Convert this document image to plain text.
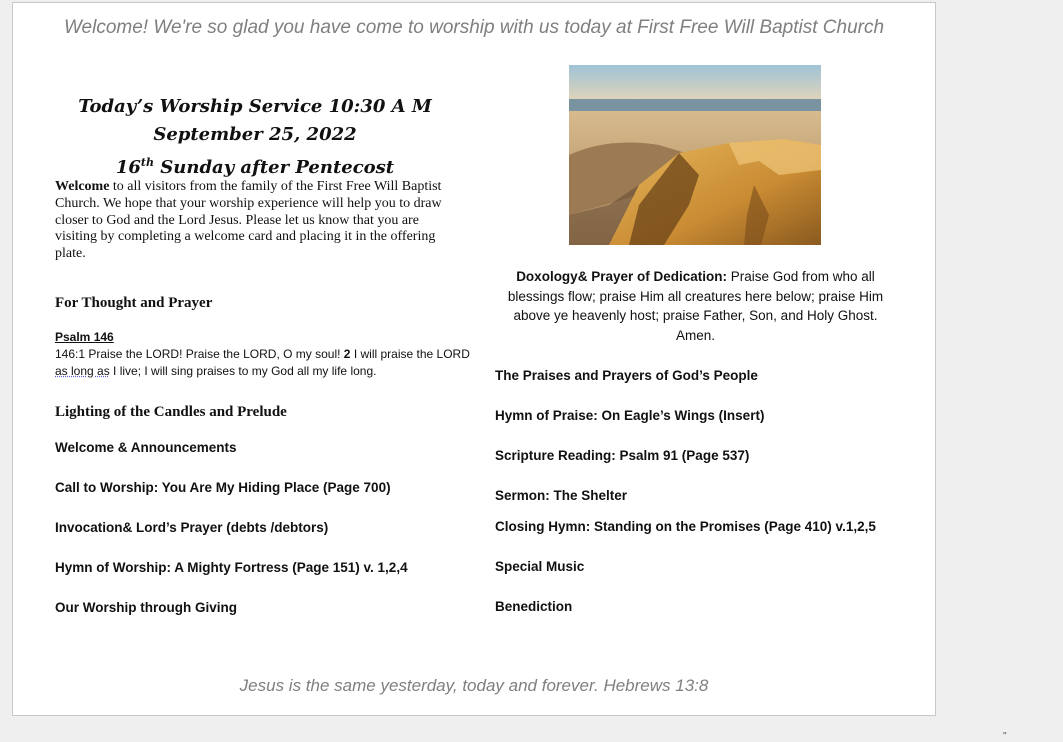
Welcome! We're so glad you have come to worship with us today at First Free Will Baptist Church
Today’s Worship Service 10:30 A M
September 25, 2022
16th Sunday after Pentecost
Welcome to all visitors from the family of the First Free Will Baptist Church. We hope that your worship experience will help you to draw closer to God and the Lord Jesus. Please let us know that you are visiting by completing a welcome card and placing it in the offering plate.
For Thought and Prayer
Psalm 146
146:1 Praise the LORD! Praise the LORD, O my soul! 2 I will praise the LORD as long as I live; I will sing praises to my God all my life long.
Lighting of the Candles and Prelude
Welcome & Announcements
Call to Worship: You Are My Hiding Place (Page 700)
Invocation& Lord’s Prayer (debts /debtors)
Hymn of Worship: A Mighty Fortress (Page 151) v. 1,2,4
Our Worship through Giving
Doxology& Prayer of Dedication: Praise God from who all blessings flow; praise Him all creatures here below; praise Him above ye heavenly host; praise Father, Son, and Holy Ghost. Amen.
The Praises and Prayers of God’s People
Hymn of Praise: On Eagle’s Wings (Insert)
Scripture Reading: Psalm 91 (Page 537)
Sermon: The Shelter
Closing Hymn: Standing on the Promises (Page 410) v.1,2,5
Special Music
Benediction
Jesus is the same yesterday, today and forever. Hebrews 13:8
"
